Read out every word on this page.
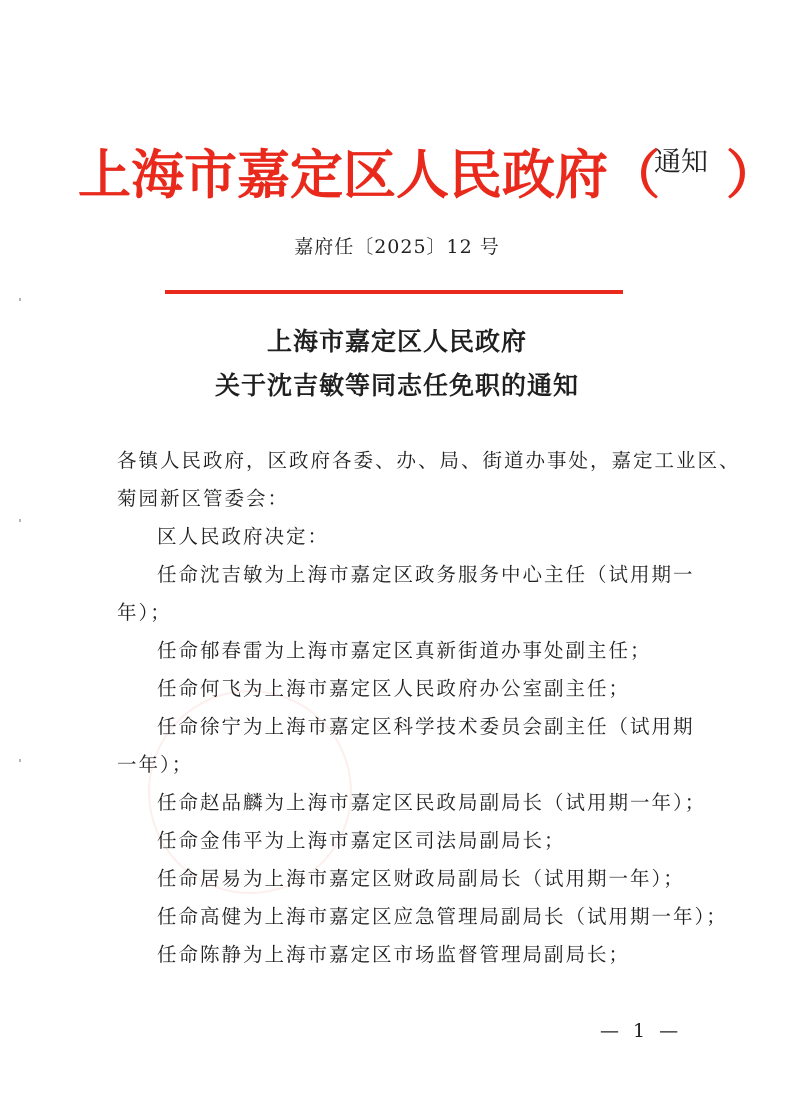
上海市嘉定区人民政府（通知 ）
嘉府任〔2025〕12 号
上海市嘉定区人民政府
关于沈吉敏等同志任免职的通知
各镇人民政府，区政府各委、办、局、街道办事处，嘉定工业区、
菊园新区管委会：
区人民政府决定：
任命沈吉敏为上海市嘉定区政务服务中心主任（试用期一
年）；
任命郁春雷为上海市嘉定区真新街道办事处副主任；
任命何飞为上海市嘉定区人民政府办公室副主任；
任命徐宁为上海市嘉定区科学技术委员会副主任（试用期
一年）；
任命赵品麟为上海市嘉定区民政局副局长（试用期一年）；
任命金伟平为上海市嘉定区司法局副局长；
任命居易为上海市嘉定区财政局副局长（试用期一年）；
任命高健为上海市嘉定区应急管理局副局长（试用期一年）；
任命陈静为上海市嘉定区市场监督管理局副局长；
— 1 —
